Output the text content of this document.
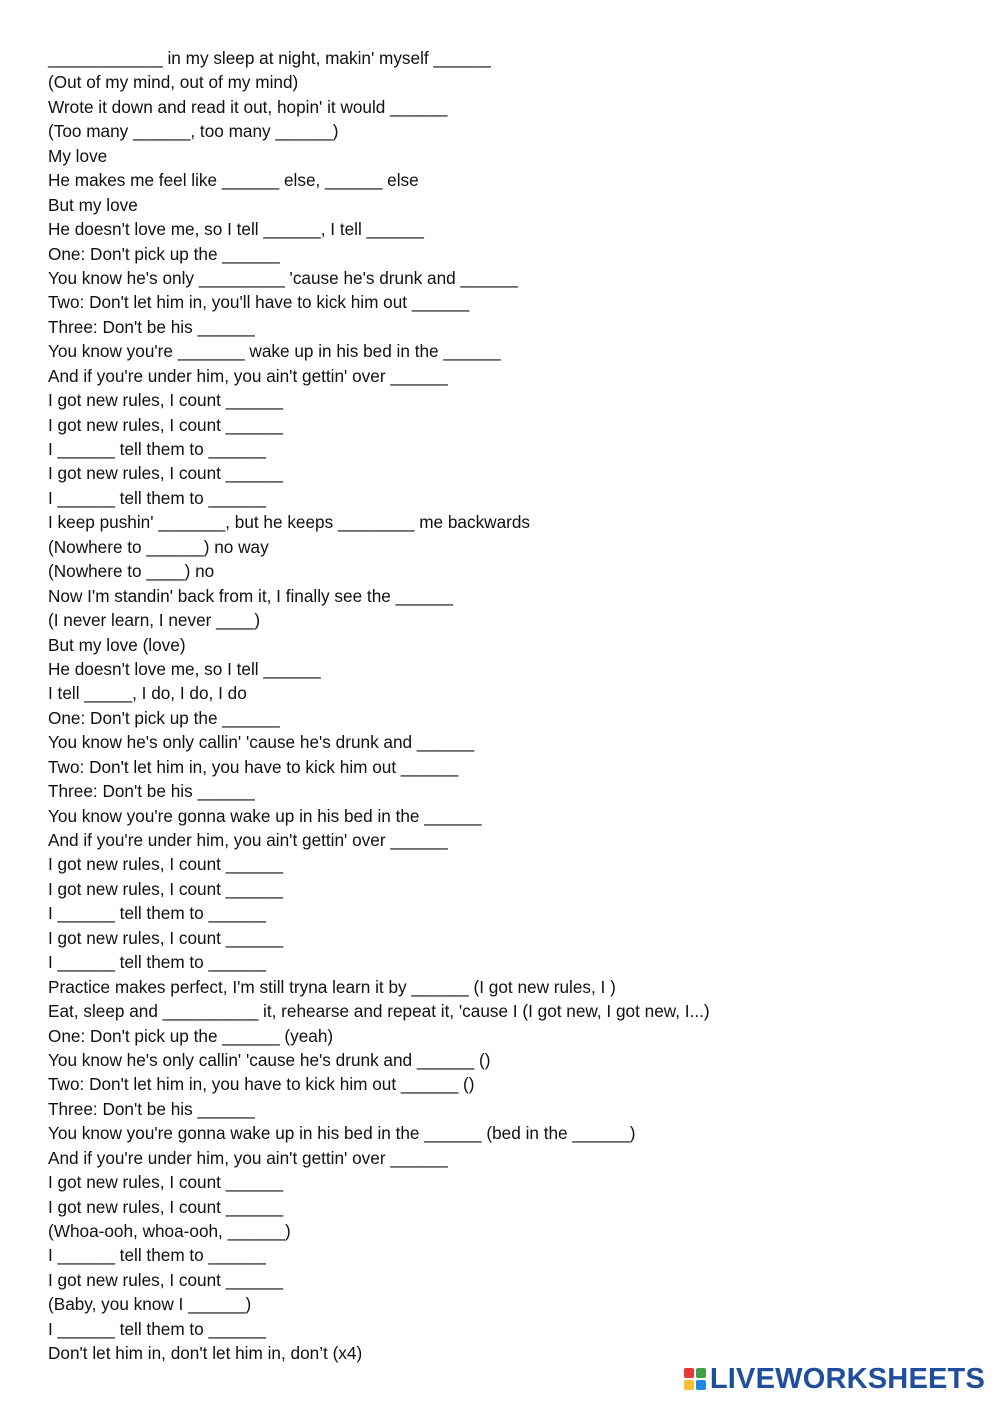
____________ in my sleep at night, makin' myself ______
(Out of my mind, out of my mind)
Wrote it down and read it out, hopin' it would ______
(Too many ______, too many ______)
My love
He makes me feel like ______ else, ______ else
But my love
He doesn't love me, so I tell ______, I tell ______
One: Don't pick up the ______
You know he's only _________ 'cause he's drunk and ______
Two: Don't let him in, you'll have to kick him out ______
Three: Don't be his ______
You know you're _______ wake up in his bed in the ______
And if you're under him, you ain't gettin' over ______
I got new rules, I count ______
I got new rules, I count ______
I ______ tell them to ______
I got new rules, I count ______
I ______ tell them to ______
I keep pushin' _______, but he keeps ________ me backwards
(Nowhere to ______) no way
(Nowhere to ____) no
Now I'm standin' back from it, I finally see the ______
(I never learn, I never ____)
But my love (love)
He doesn't love me, so I tell ______
I tell _____, I do, I do, I do
One: Don't pick up the ______
You know he's only callin' 'cause he's drunk and ______
Two: Don't let him in, you have to kick him out ______
Three: Don't be his ______
You know you're gonna wake up in his bed in the ______
And if you're under him, you ain't gettin' over ______
I got new rules, I count ______
I got new rules, I count ______
I ______ tell them to ______
I got new rules, I count ______
I ______ tell them to ______
Practice makes perfect, I'm still tryna learn it by ______ (I got new rules, I )
Eat, sleep and __________ it, rehearse and repeat it, 'cause I (I got new, I got new, I...)
One: Don't pick up the ______ (yeah)
You know he's only callin' 'cause he's drunk and ______ ()
Two: Don't let him in, you have to kick him out ______ ()
Three: Don't be his ______
You know you're gonna wake up in his bed in the ______ (bed in the ______)
And if you're under him, you ain't gettin' over ______
I got new rules, I count ______
I got new rules, I count ______
(Whoa-ooh, whoa-ooh, ______)
I ______ tell them to ______
I got new rules, I count ______
(Baby, you know I ______)
I ______ tell them to ______
Don't let him in, don't let him in, don’t (x4)
LIVEWORKSHEETS
